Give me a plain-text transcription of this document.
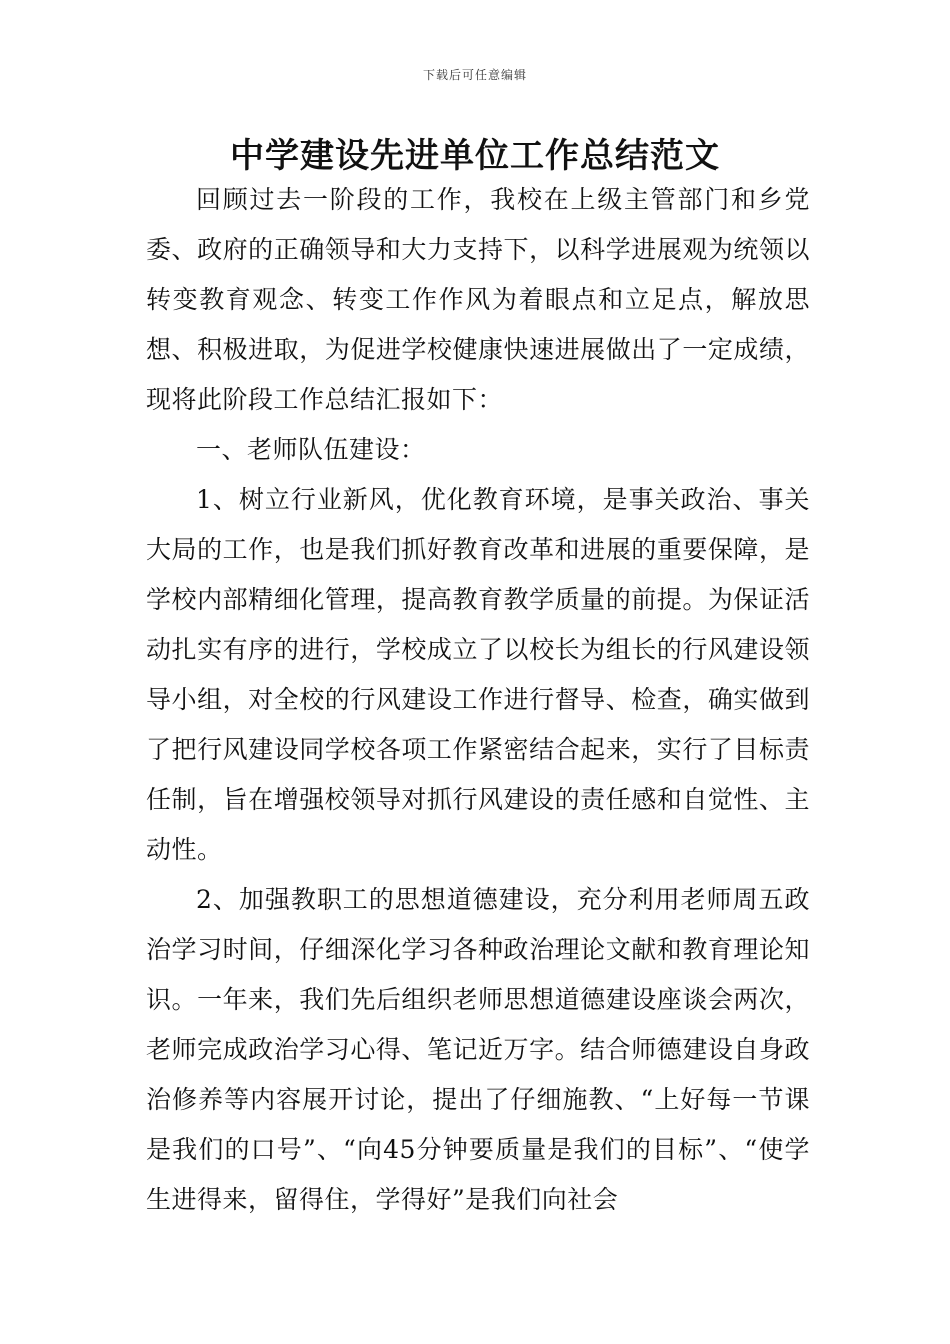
下载后可任意编辑
中学建设先进单位工作总结范文

回顾过去一阶段的工作，我校在上级主管部门和乡党委、政府的正确领导和大力支持下，以科学进展观为统领以转变教育观念、转变工作作风为着眼点和立足点，解放思想、积极进取，为促进学校健康快速进展做出了一定成绩，现将此阶段工作总结汇报如下：

一、老师队伍建设：

1、树立行业新风，优化教育环境，是事关政治、事关大局的工作，也是我们抓好教育改革和进展的重要保障，是学校内部精细化管理，提高教育教学质量的前提。为保证活动扎实有序的进行，学校成立了以校长为组长的行风建设领导小组，对全校的行风建设工作进行督导、检查，确实做到了把行风建设同学校各项工作紧密结合起来，实行了目标责任制，旨在增强校领导对抓行风建设的责任感和自觉性、主动性。

2、加强教职工的思想道德建设，充分利用老师周五政治学习时间，仔细深化学习各种政治理论文献和教育理论知识。一年来，我们先后组织老师思想道德建设座谈会两次，老师完成政治学习心得、笔记近万字。结合师德建设自身政治修养等内容展开讨论，提出了仔细施教、“上好每一节课是我们的口号”、“向45分钟要质量是我们的目标”、“使学生进得来，留得住，学得好”是我们向社会
